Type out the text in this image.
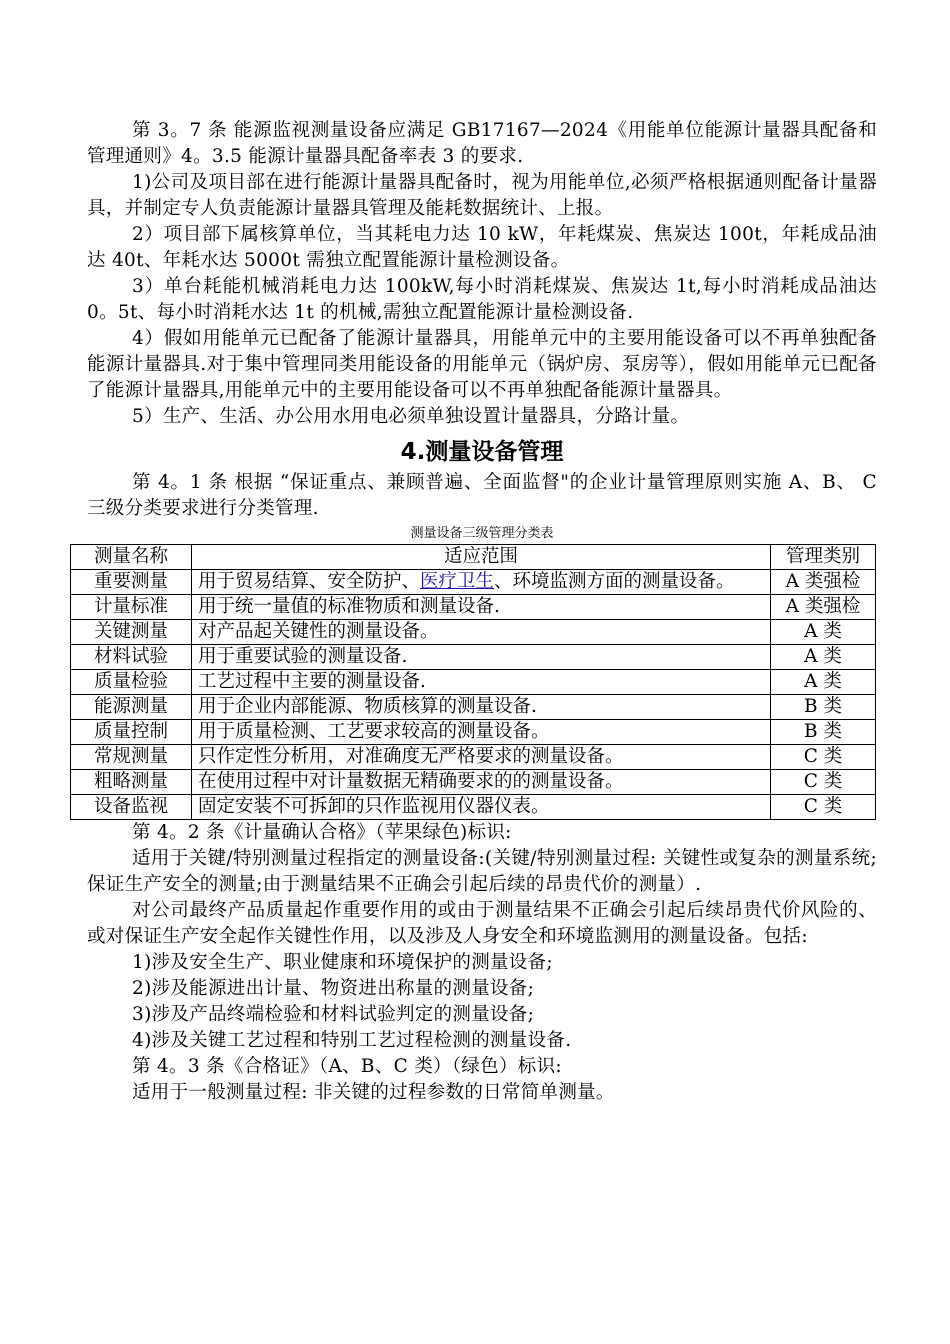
第 3。7 条 能源监视测量设备应满足 GB17167—2024《用能单位能源计量器具配备和管理通则》4。3.5 能源计量器具配备率表 3 的要求.

1)公司及项目部在进行能源计量器具配备时，视为用能单位,必须严格根据通则配备计量器具，并制定专人负责能源计量器具管理及能耗数据统计、上报。

2）项目部下属核算单位，当其耗电力达 10 kW，年耗煤炭、焦炭达 100t，年耗成品油达 40t、年耗水达 5000t 需独立配置能源计量检测设备。

3）单台耗能机械消耗电力达 100kW,每小时消耗煤炭、焦炭达 1t,每小时消耗成品油达 0。5t、每小时消耗水达 1t 的机械,需独立配置能源计量检测设备.

4）假如用能单元已配备了能源计量器具，用能单元中的主要用能设备可以不再单独配备能源计量器具.对于集中管理同类用能设备的用能单元（锅炉房、泵房等），假如用能单元已配备了能源计量器具,用能单元中的主要用能设备可以不再单独配备能源计量器具。

5）生产、生活、办公用水用电必须单独设置计量器具，分路计量。

4.测量设备管理

第 4。1 条 根据 “保证重点、兼顾普遍、全面监督"的企业计量管理原则实施 A、B、 C 三级分类要求进行分类管理.

测量设备三级管理分类表
测量名称	适应范围	管理类别
重要测量	用于贸易结算、安全防护、医疗卫生、环境监测方面的测量设备。	A 类强检
计量标准	用于统一量值的标准物质和测量设备.	A 类强检
关键测量	对产品起关键性的测量设备。	A 类
材料试验	用于重要试验的测量设备.	A 类
质量检验	工艺过程中主要的测量设备.	A 类
能源测量	用于企业内部能源、物质核算的测量设备.	B 类
质量控制	用于质量检测、工艺要求较高的测量设备。	B 类
常规测量	只作定性分析用，对准确度无严格要求的测量设备。	C 类
粗略测量	在使用过程中对计量数据无精确要求的的测量设备。	C 类
设备监视	固定安装不可拆卸的只作监视用仪器仪表。	C 类

第 4。2 条《计量确认合格》（苹果绿色)标识:

适用于关键/特别测量过程指定的测量设备:(关键/特别测量过程: 关键性或复杂的测量系统; 保证生产安全的测量;由于测量结果不正确会引起后续的昂贵代价的测量）.

对公司最终产品质量起作重要作用的或由于测量结果不正确会引起后续昂贵代价风险的、或对保证生产安全起作关键性作用，以及涉及人身安全和环境监测用的测量设备。包括:

1)涉及安全生产、职业健康和环境保护的测量设备;

2)涉及能源进出计量、物资进出称量的测量设备;

3)涉及产品终端检验和材料试验判定的测量设备;

4)涉及关键工艺过程和特别工艺过程检测的测量设备.

第 4。3 条《合格证》（A、B、C 类）（绿色）标识:

适用于一般测量过程: 非关键的过程参数的日常简单测量。
